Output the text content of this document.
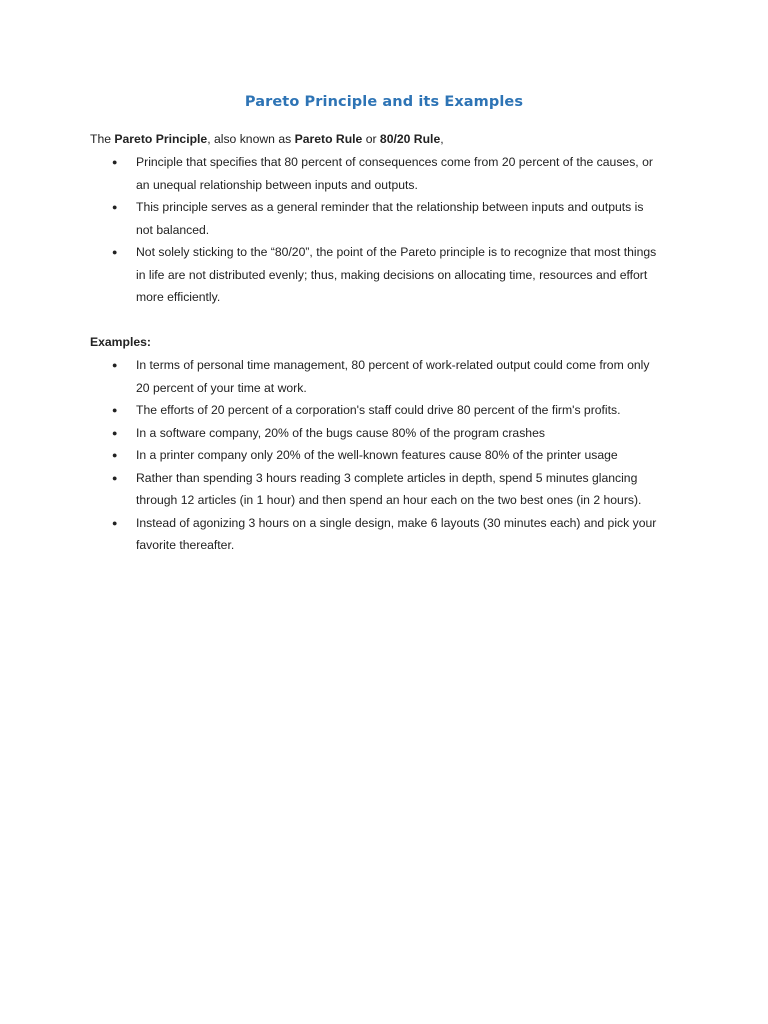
Pareto Principle and its Examples

The Pareto Principle, also known as Pareto Rule or 80/20 Rule,

● Principle that specifies that 80 percent of consequences come from 20 percent of the causes, or
an unequal relationship between inputs and outputs.
● This principle serves as a general reminder that the relationship between inputs and outputs is
not balanced.
● Not solely sticking to the “80/20”, the point of the Pareto principle is to recognize that most things
in life are not distributed evenly; thus, making decisions on allocating time, resources and effort
more efficiently.

Examples:

● In terms of personal time management, 80 percent of work-related output could come from only
20 percent of your time at work.
● The efforts of 20 percent of a corporation's staff could drive 80 percent of the firm's profits.
● In a software company, 20% of the bugs cause 80% of the program crashes
● In a printer company only 20% of the well-known features cause 80% of the printer usage
● Rather than spending 3 hours reading 3 complete articles in depth, spend 5 minutes glancing
through 12 articles (in 1 hour) and then spend an hour each on the two best ones (in 2 hours).
● Instead of agonizing 3 hours on a single design, make 6 layouts (30 minutes each) and pick your
favorite thereafter.
